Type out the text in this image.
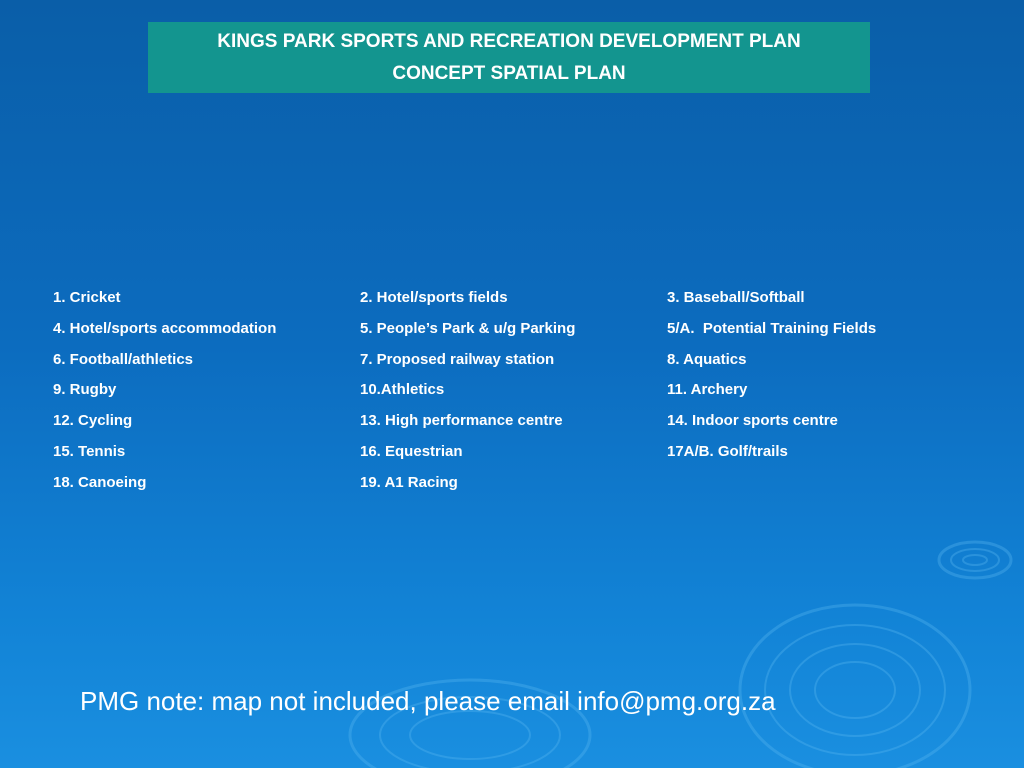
KINGS PARK SPORTS AND RECREATION DEVELOPMENT PLAN
CONCEPT SPATIAL PLAN
1. Cricket	2. Hotel/sports fields	3. Baseball/Softball
4. Hotel/sports accommodation	5. People’s Park & u/g Parking	5/A.  Potential Training Fields
6. Football/athletics	7. Proposed railway station	8. Aquatics
9. Rugby	10.Athletics	11. Archery
12. Cycling	13. High performance centre	14. Indoor sports centre
15. Tennis	16. Equestrian	17A/B. Golf/trails
18. Canoeing	19. A1 Racing
PMG note: map not included, please email info@pmg.org.za
